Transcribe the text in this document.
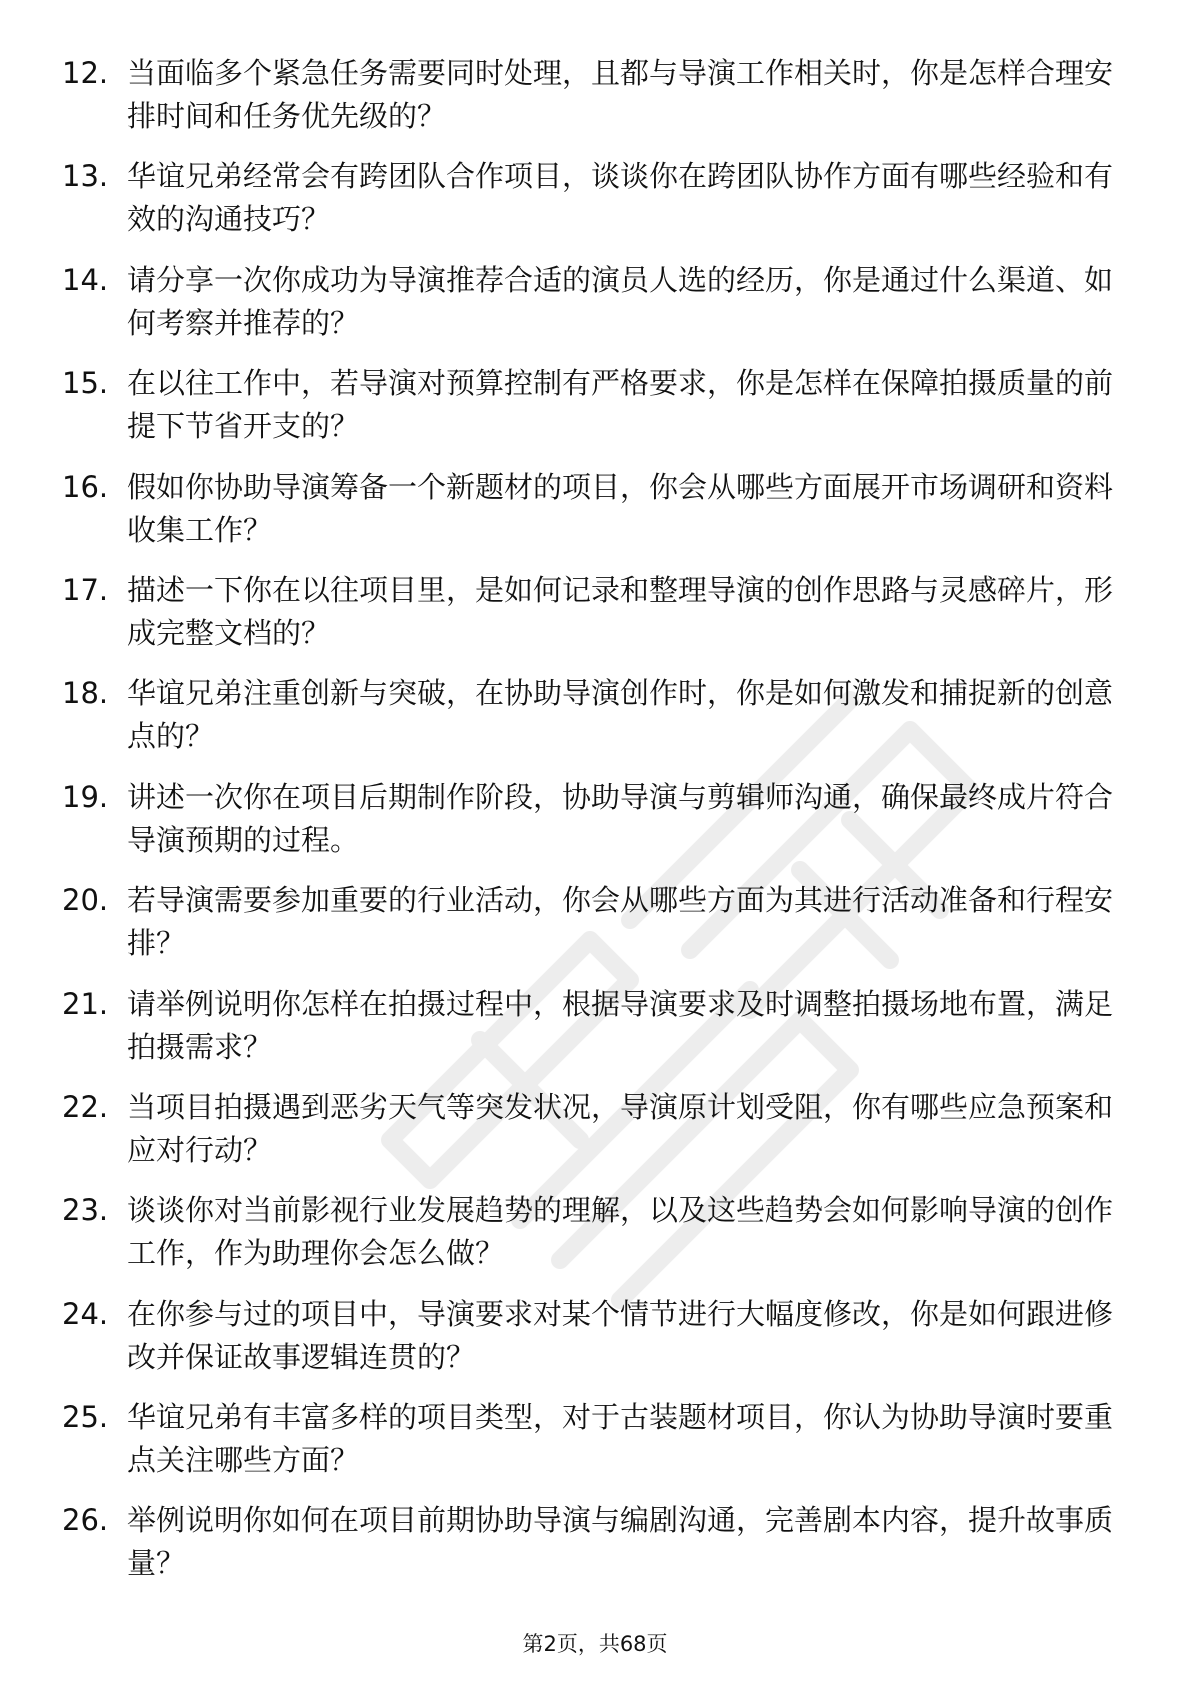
12. 当面临多个紧急任务需要同时处理，且都与导演工作相关时，你是怎样合理安排时间和任务优先级的？
13. 华谊兄弟经常会有跨团队合作项目，谈谈你在跨团队协作方面有哪些经验和有效的沟通技巧？
14. 请分享一次你成功为导演推荐合适的演员人选的经历，你是通过什么渠道、如何考察并推荐的？
15. 在以往工作中，若导演对预算控制有严格要求，你是怎样在保障拍摄质量的前提下节省开支的？
16. 假如你协助导演筹备一个新题材的项目，你会从哪些方面展开市场调研和资料收集工作？
17. 描述一下你在以往项目里，是如何记录和整理导演的创作思路与灵感碎片，形成完整文档的？
18. 华谊兄弟注重创新与突破，在协助导演创作时，你是如何激发和捕捉新的创意点的？
19. 讲述一次你在项目后期制作阶段，协助导演与剪辑师沟通，确保最终成片符合导演预期的过程。
20. 若导演需要参加重要的行业活动，你会从哪些方面为其进行活动准备和行程安排？
21. 请举例说明你怎样在拍摄过程中，根据导演要求及时调整拍摄场地布置，满足拍摄需求？
22. 当项目拍摄遇到恶劣天气等突发状况，导演原计划受阻，你有哪些应急预案和应对行动？
23. 谈谈你对当前影视行业发展趋势的理解，以及这些趋势会如何影响导演的创作工作，作为助理你会怎么做？
24. 在你参与过的项目中，导演要求对某个情节进行大幅度修改，你是如何跟进修改并保证故事逻辑连贯的？
25. 华谊兄弟有丰富多样的项目类型，对于古装题材项目，你认为协助导演时要重点关注哪些方面？
26. 举例说明你如何在项目前期协助导演与编剧沟通，完善剧本内容，提升故事质量？
第2页，共68页
